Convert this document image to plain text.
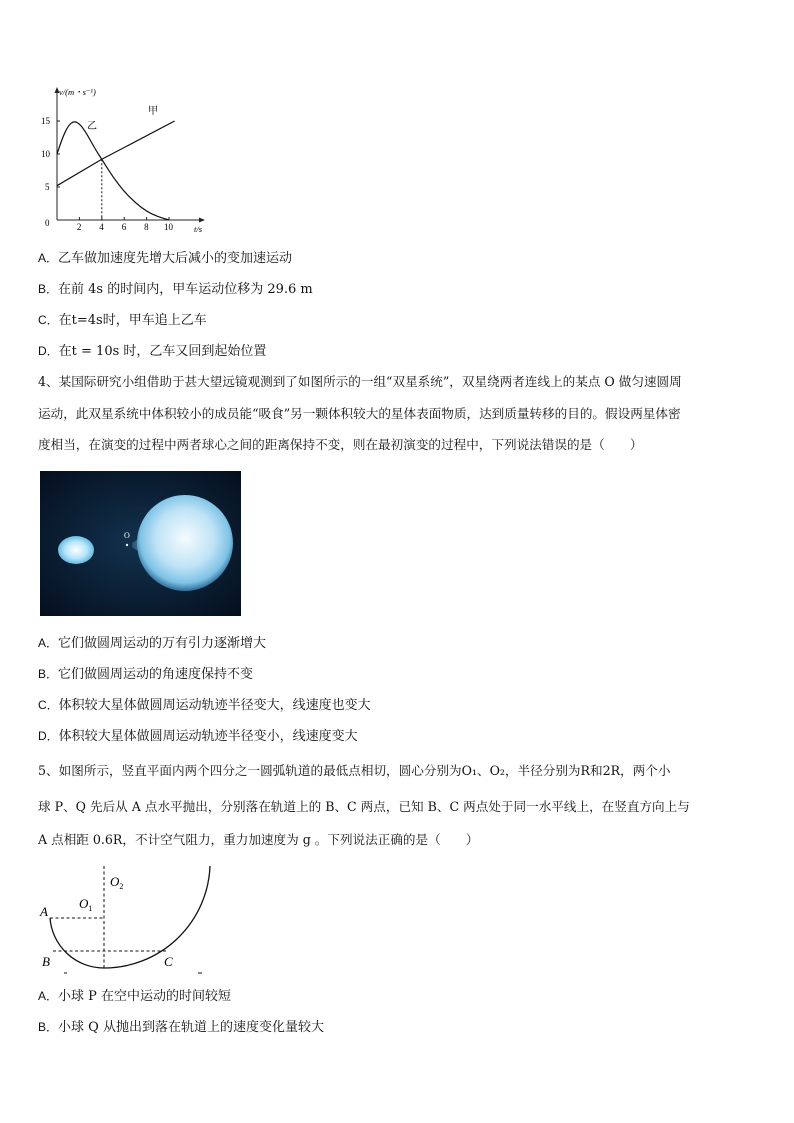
v/(m・s⁻¹)
t/s
0	2 4 6 8 10
5
10
15
甲
乙
A．乙车做加速度先增大后减小的变加速运动
B．在前 4s 的时间内，甲车运动位移为 29.6 m
C．在t=4s时，甲车追上乙车
D．在t = 10s 时，乙车又回到起始位置
4、某国际研究小组借助于甚大望远镜观测到了如图所示的一组“双星系统”，双星绕两者连线上的某点 O 做匀速圆周
运动，此双星系统中体积较小的成员能“吸食”另一颗体积较大的星体表面物质，达到质量转移的目的。假设两星体密
度相当，在演变的过程中两者球心之间的距离保持不变，则在最初演变的过程中，下列说法错误的是（　　）
O
A．它们做圆周运动的万有引力逐渐增大
B．它们做圆周运动的角速度保持不变
C．体积较大星体做圆周运动轨迹半径变大，线速度也变大
D．体积较大星体做圆周运动轨迹半径变小，线速度变大
5、如图所示，竖直平面内两个四分之一圆弧轨道的最低点相切，圆心分别为O₁、O₂，半径分别为R和2R，两个小
球 P、Q 先后从 A 点水平抛出，分别落在轨道上的 B、C 两点，已知 B、C 两点处于同一水平线上，在竖直方向上与
A 点相距 0.6R，不计空气阻力，重力加速度为 g 。下列说法正确的是（　　）
A
B	C
$O_1$
$O_2$
A．小球 P 在空中运动的时间较短
B．小球 Q 从抛出到落在轨道上的速度变化量较大
